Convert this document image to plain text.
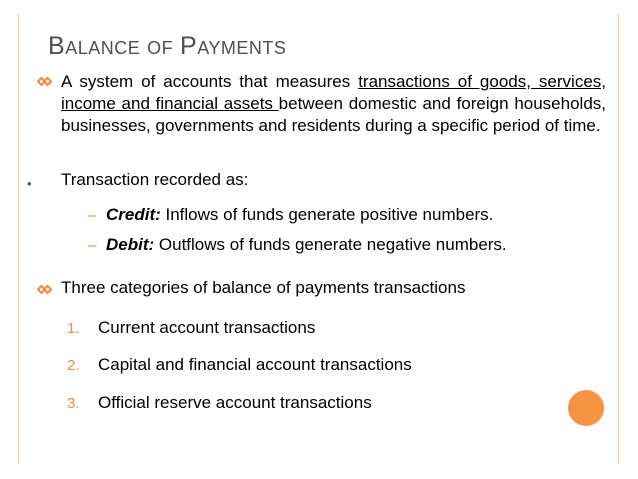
BALANCE OF PAYMENTS
A system of accounts that measures transactions of goods, services, income and financial assets between domestic and foreign households, businesses, governments and residents during a specific period of time.
• Transaction recorded as:
– Credit: Inflows of funds generate positive numbers.
– Debit: Outflows of funds generate negative numbers.
Three categories of balance of payments transactions
1. Current account transactions
2. Capital and financial account transactions
3. Official reserve account transactions
